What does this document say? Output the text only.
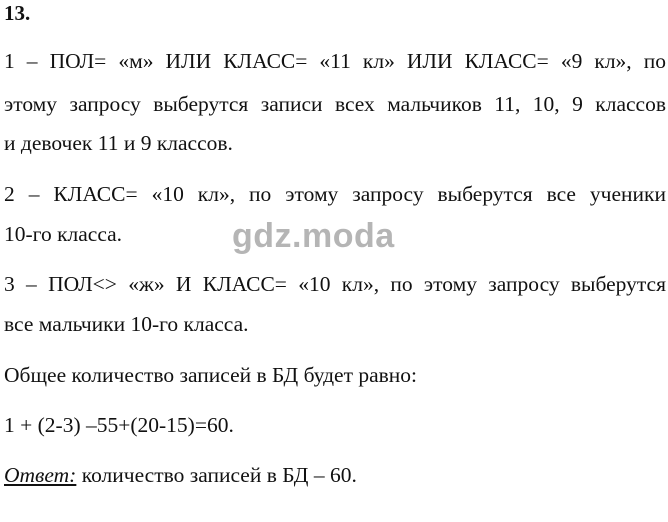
13.
1 – ПОЛ= «м» ИЛИ КЛАСС= «11 кл» ИЛИ КЛАСС= «9 кл», по
этому запросу выберутся записи всех мальчиков 11, 10, 9 классов
и девочек 11 и 9 классов.
2 – КЛАСС= «10 кл», по этому запросу выберутся все ученики
10-го класса.
3 – ПОЛ<> «ж» И КЛАСС= «10 кл», по этому запросу выберутся
все мальчики 10-го класса.
Общее количество записей в БД будет равно:
1 + (2-3) –55+(20-15)=60.
Ответ: количество записей в БД – 60.
gdz.moda
